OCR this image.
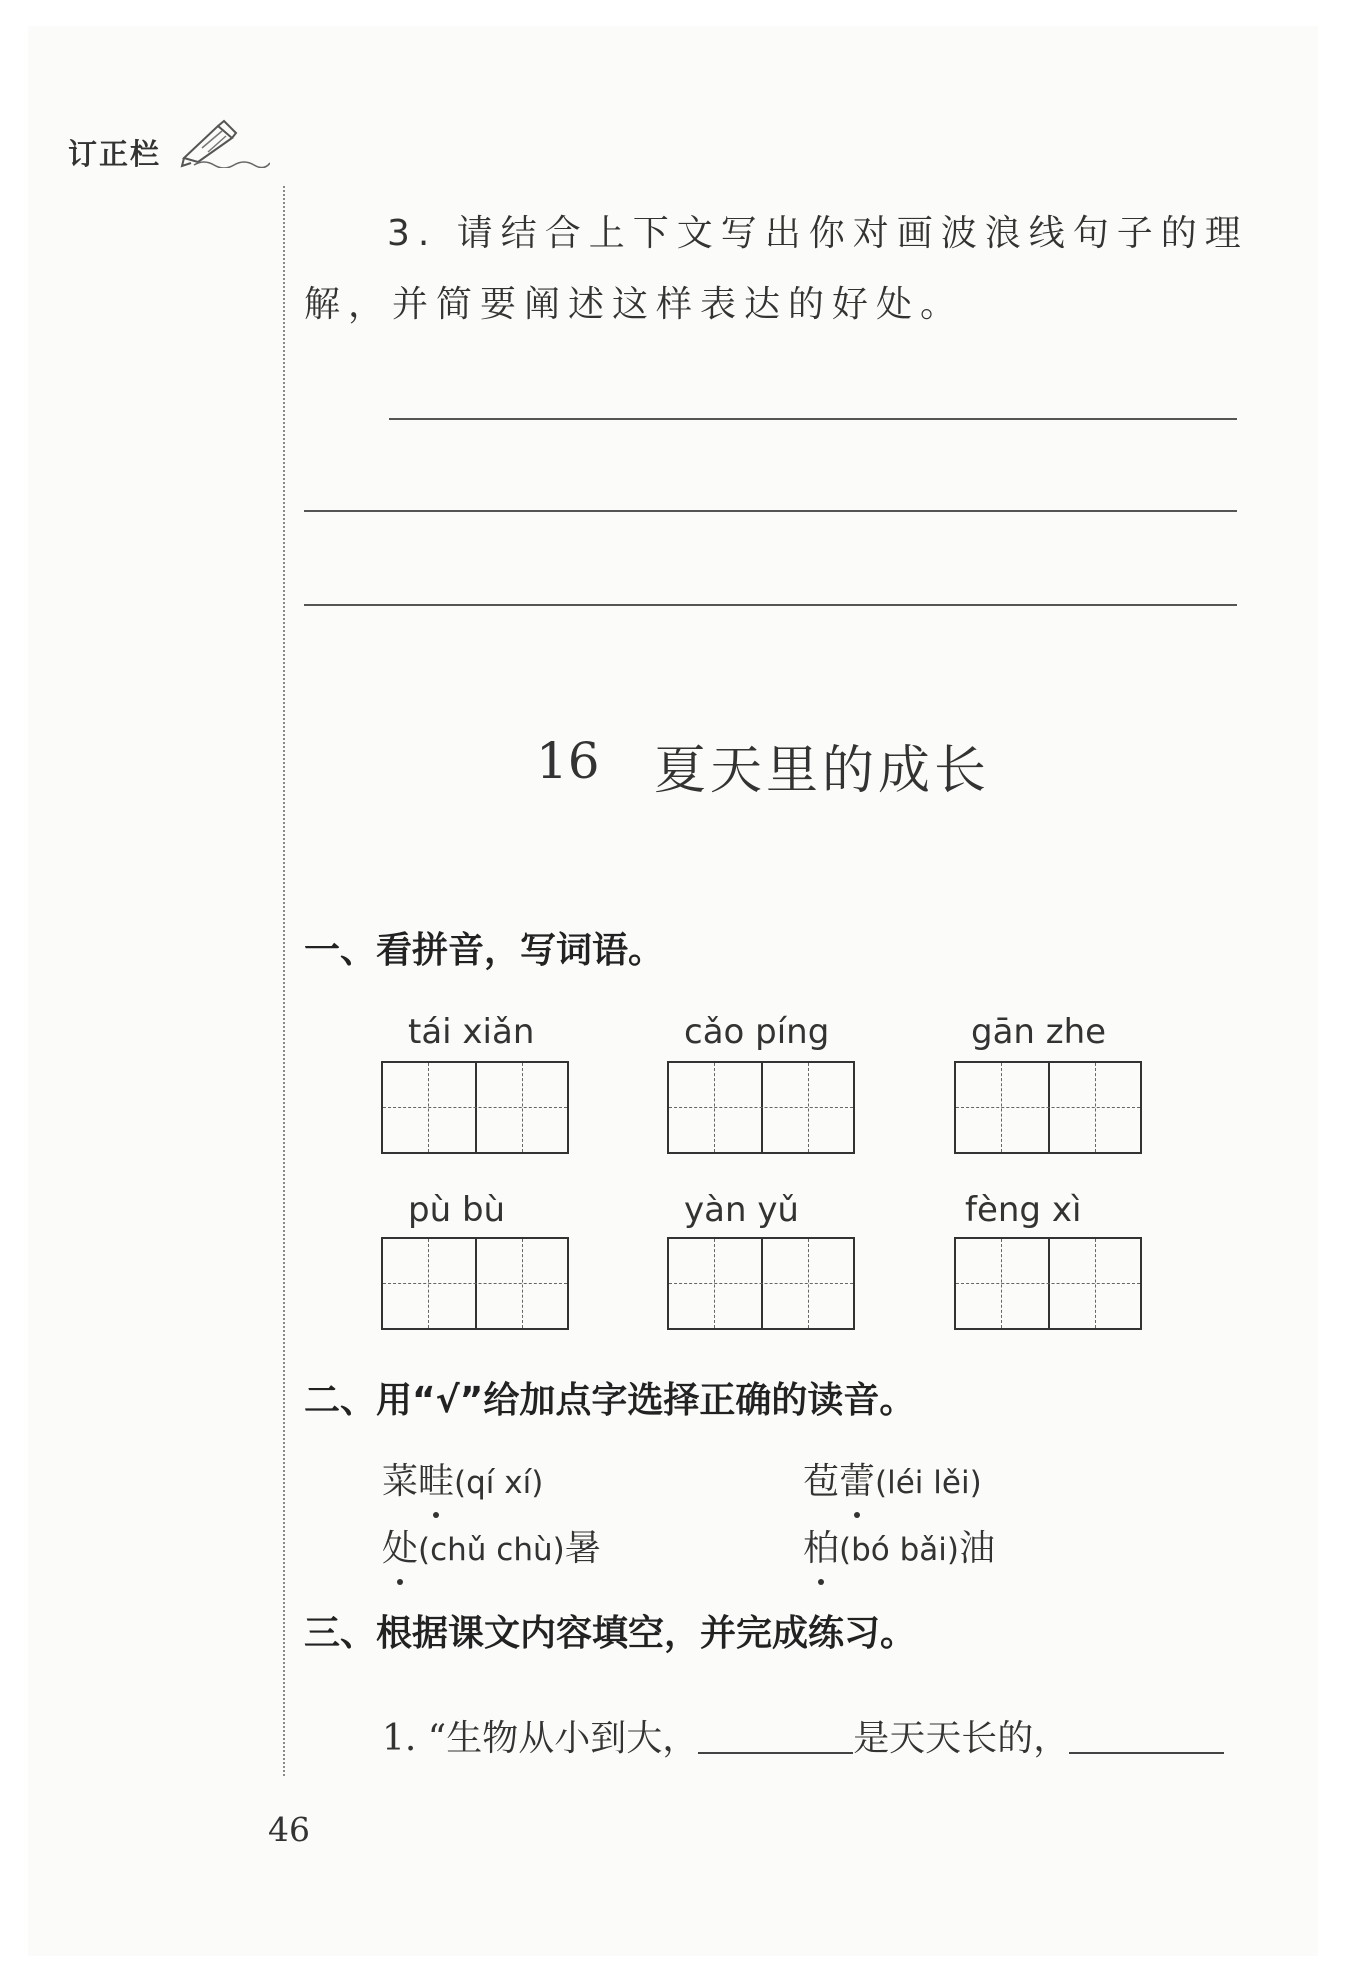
订正栏
3. 请结合上下文写出你对画波浪线句子的理
解，并简要阐述这样表达的好处。
16 夏天里的成长
一、看拼音，写词语。
tái xiǎn	cǎo píng	gān zhe
pù bù	yàn yǔ	fèng xì
二、用“√”给加点字选择正确的读音。
菜畦(qí xí)	苞蕾(léi lěi)
处(chǔ chù)暑	柏(bó bǎi)油
三、根据课文内容填空，并完成练习。
1. “生物从小到大，	是天天长的，
46
